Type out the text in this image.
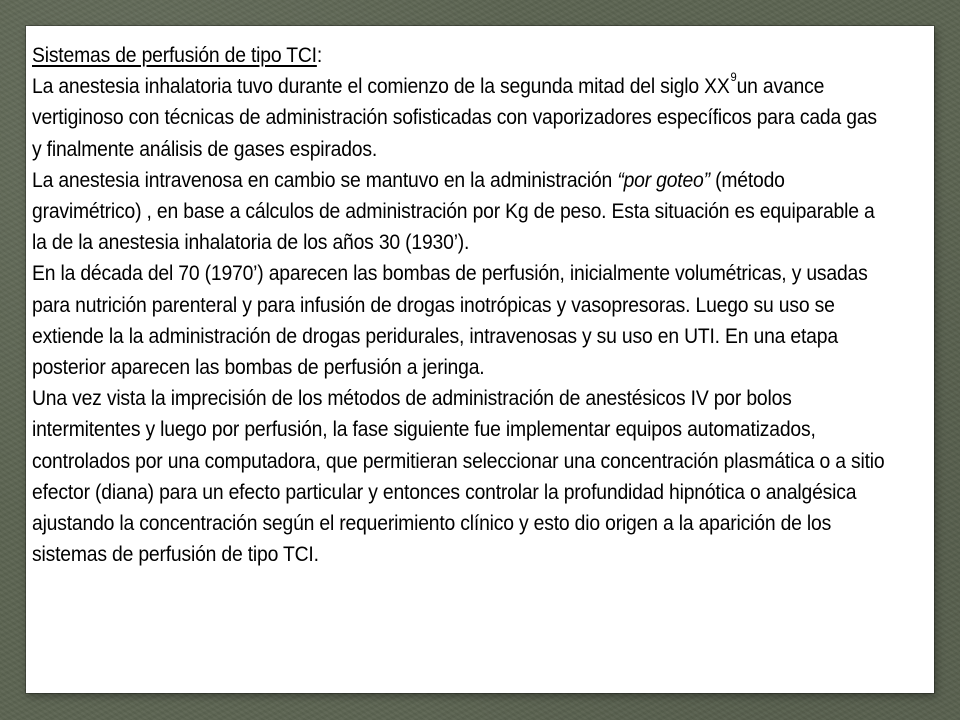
Sistemas de perfusión de tipo TCI:
La anestesia inhalatoria tuvo durante el comienzo de la segunda mitad del siglo $XX^9un$ avance
vertiginoso con técnicas de administración sofisticadas con vaporizadores específicos para cada gas
y finalmente análisis de gases espirados.
La anestesia intravenosa en cambio se mantuvo en la administración “por goteo” (método
gravimétrico) , en base a cálculos de administración por Kg de peso. Esta situación es equiparable a
la de la anestesia inhalatoria de los años 30 (1930’).
En la década del 70 (1970’) aparecen las bombas de perfusión, inicialmente volumétricas, y usadas
para nutrición parenteral y para infusión de drogas inotrópicas y vasopresoras. Luego su uso se
extiende la la administración de drogas peridurales, intravenosas y su uso en UTI. En una etapa
posterior aparecen las bombas de perfusión a jeringa.
Una vez vista la imprecisión de los métodos de administración de anestésicos IV por bolos
intermitentes y luego por perfusión, la fase siguiente fue implementar equipos automatizados,
controlados por una computadora, que permitieran seleccionar una concentración plasmática o a sitio
efector (diana) para un efecto particular y entonces controlar la profundidad hipnótica o analgésica
ajustando la concentración según el requerimiento clínico y esto dio origen a la aparición de los
sistemas de perfusión de tipo TCI.
